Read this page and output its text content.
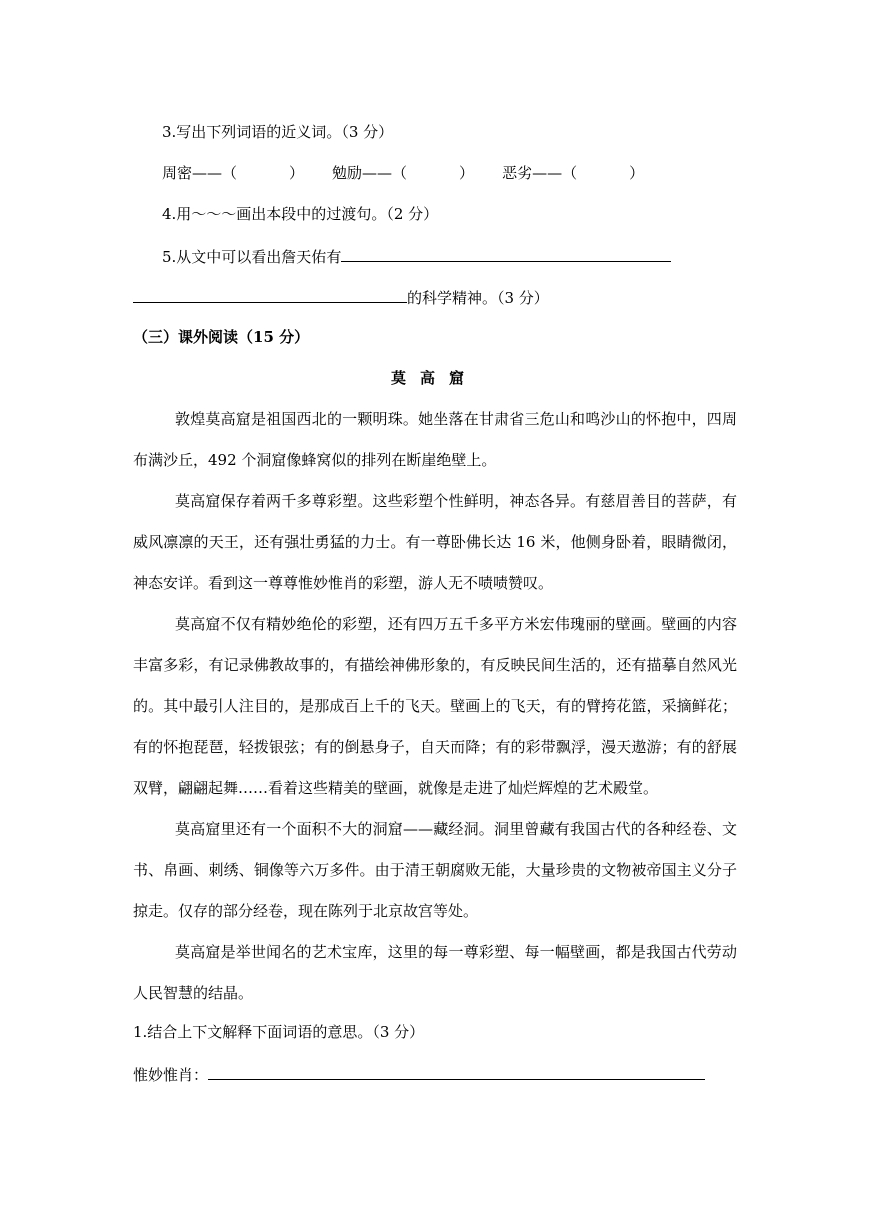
3.写出下列词语的近义词。（3 分）
周密——（	） 勉励——（	） 恶劣——（	）
4.用～～～画出本段中的过渡句。（2 分）
5.从文中可以看出詹天佑有
的科学精神。（3 分）
（三）课外阅读（15 分）
莫高窟
敦煌莫高窟是祖国西北的一颗明珠。她坐落在甘肃省三危山和鸣沙山的怀抱中，四周布满沙丘，492 个洞窟像蜂窝似的排列在断崖绝壁上。
莫高窟保存着两千多尊彩塑。这些彩塑个性鲜明，神态各异。有慈眉善目的菩萨，有威风凛凛的天王，还有强壮勇猛的力士。有一尊卧佛长达 16 米，他侧身卧着，眼睛微闭，神态安详。看到这一尊尊惟妙惟肖的彩塑，游人无不啧啧赞叹。
莫高窟不仅有精妙绝伦的彩塑，还有四万五千多平方米宏伟瑰丽的壁画。壁画的内容丰富多彩，有记录佛教故事的，有描绘神佛形象的，有反映民间生活的，还有描摹自然风光的。其中最引人注目的，是那成百上千的飞天。壁画上的飞天，有的臂挎花篮，采摘鲜花；有的怀抱琵琶，轻拨银弦；有的倒悬身子，自天而降；有的彩带飘浮，漫天遨游；有的舒展双臂，翩翩起舞……看着这些精美的壁画，就像是走进了灿烂辉煌的艺术殿堂。
莫高窟里还有一个面积不大的洞窟——藏经洞。洞里曾藏有我国古代的各种经卷、文书、帛画、刺绣、铜像等六万多件。由于清王朝腐败无能，大量珍贵的文物被帝国主义分子掠走。仅存的部分经卷，现在陈列于北京故宫等处。
莫高窟是举世闻名的艺术宝库，这里的每一尊彩塑、每一幅壁画，都是我国古代劳动人民智慧的结晶。
1.结合上下文解释下面词语的意思。（3 分）
惟妙惟肖：
